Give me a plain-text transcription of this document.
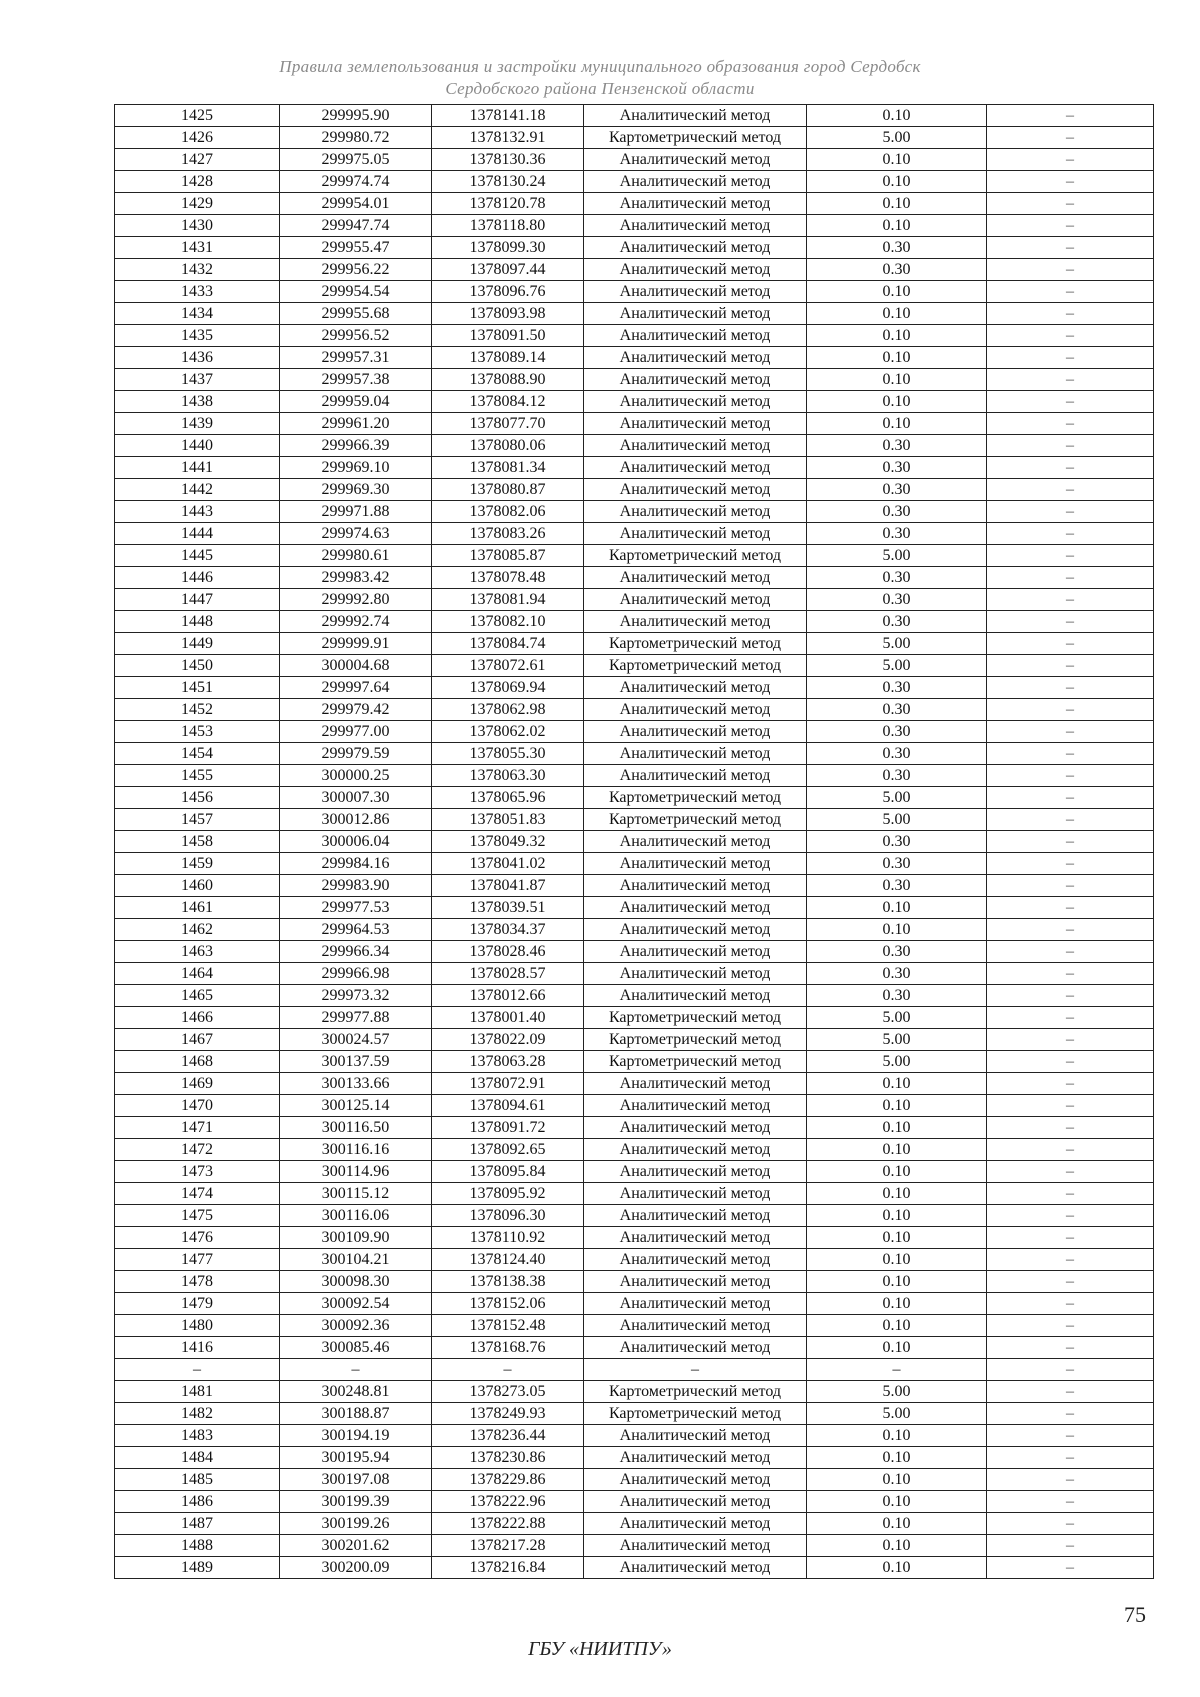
Правила землепользования и застройки муниципального образования город Сердобск
Сердобского района Пензенской области
1425	299995.90	1378141.18	Аналитический метод	0.10	–
1426	299980.72	1378132.91	Картометрический метод	5.00	–
1427	299975.05	1378130.36	Аналитический метод	0.10	–
1428	299974.74	1378130.24	Аналитический метод	0.10	–
1429	299954.01	1378120.78	Аналитический метод	0.10	–
1430	299947.74	1378118.80	Аналитический метод	0.10	–
1431	299955.47	1378099.30	Аналитический метод	0.30	–
1432	299956.22	1378097.44	Аналитический метод	0.30	–
1433	299954.54	1378096.76	Аналитический метод	0.10	–
1434	299955.68	1378093.98	Аналитический метод	0.10	–
1435	299956.52	1378091.50	Аналитический метод	0.10	–
1436	299957.31	1378089.14	Аналитический метод	0.10	–
1437	299957.38	1378088.90	Аналитический метод	0.10	–
1438	299959.04	1378084.12	Аналитический метод	0.10	–
1439	299961.20	1378077.70	Аналитический метод	0.10	–
1440	299966.39	1378080.06	Аналитический метод	0.30	–
1441	299969.10	1378081.34	Аналитический метод	0.30	–
1442	299969.30	1378080.87	Аналитический метод	0.30	–
1443	299971.88	1378082.06	Аналитический метод	0.30	–
1444	299974.63	1378083.26	Аналитический метод	0.30	–
1445	299980.61	1378085.87	Картометрический метод	5.00	–
1446	299983.42	1378078.48	Аналитический метод	0.30	–
1447	299992.80	1378081.94	Аналитический метод	0.30	–
1448	299992.74	1378082.10	Аналитический метод	0.30	–
1449	299999.91	1378084.74	Картометрический метод	5.00	–
1450	300004.68	1378072.61	Картометрический метод	5.00	–
1451	299997.64	1378069.94	Аналитический метод	0.30	–
1452	299979.42	1378062.98	Аналитический метод	0.30	–
1453	299977.00	1378062.02	Аналитический метод	0.30	–
1454	299979.59	1378055.30	Аналитический метод	0.30	–
1455	300000.25	1378063.30	Аналитический метод	0.30	–
1456	300007.30	1378065.96	Картометрический метод	5.00	–
1457	300012.86	1378051.83	Картометрический метод	5.00	–
1458	300006.04	1378049.32	Аналитический метод	0.30	–
1459	299984.16	1378041.02	Аналитический метод	0.30	–
1460	299983.90	1378041.87	Аналитический метод	0.30	–
1461	299977.53	1378039.51	Аналитический метод	0.10	–
1462	299964.53	1378034.37	Аналитический метод	0.10	–
1463	299966.34	1378028.46	Аналитический метод	0.30	–
1464	299966.98	1378028.57	Аналитический метод	0.30	–
1465	299973.32	1378012.66	Аналитический метод	0.30	–
1466	299977.88	1378001.40	Картометрический метод	5.00	–
1467	300024.57	1378022.09	Картометрический метод	5.00	–
1468	300137.59	1378063.28	Картометрический метод	5.00	–
1469	300133.66	1378072.91	Аналитический метод	0.10	–
1470	300125.14	1378094.61	Аналитический метод	0.10	–
1471	300116.50	1378091.72	Аналитический метод	0.10	–
1472	300116.16	1378092.65	Аналитический метод	0.10	–
1473	300114.96	1378095.84	Аналитический метод	0.10	–
1474	300115.12	1378095.92	Аналитический метод	0.10	–
1475	300116.06	1378096.30	Аналитический метод	0.10	–
1476	300109.90	1378110.92	Аналитический метод	0.10	–
1477	300104.21	1378124.40	Аналитический метод	0.10	–
1478	300098.30	1378138.38	Аналитический метод	0.10	–
1479	300092.54	1378152.06	Аналитический метод	0.10	–
1480	300092.36	1378152.48	Аналитический метод	0.10	–
1416	300085.46	1378168.76	Аналитический метод	0.10	–
–	–	–	–	–	–
1481	300248.81	1378273.05	Картометрический метод	5.00	–
1482	300188.87	1378249.93	Картометрический метод	5.00	–
1483	300194.19	1378236.44	Аналитический метод	0.10	–
1484	300195.94	1378230.86	Аналитический метод	0.10	–
1485	300197.08	1378229.86	Аналитический метод	0.10	–
1486	300199.39	1378222.96	Аналитический метод	0.10	–
1487	300199.26	1378222.88	Аналитический метод	0.10	–
1488	300201.62	1378217.28	Аналитический метод	0.10	–
1489	300200.09	1378216.84	Аналитический метод	0.10	–
75
ГБУ «НИИТПУ»
